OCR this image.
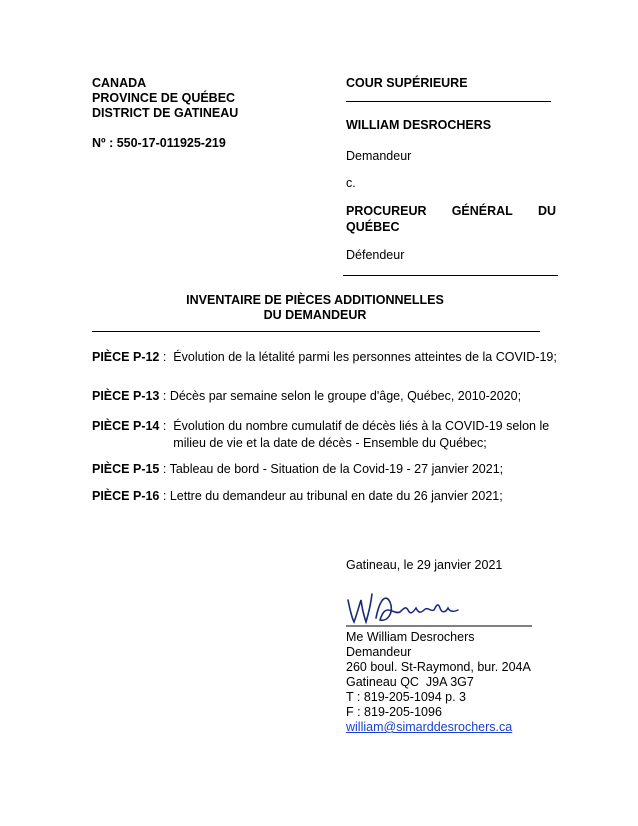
CANADA
PROVINCE DE QUÉBEC
DISTRICT DE GATINEAU
Nº : 550-17-011925-219
COUR SUPÉRIEURE
WILLIAM DESROCHERS
Demandeur
c.
PROCUREUR GÉNÉRAL DU
QUÉBEC
Défendeur
INVENTAIRE DE PIÈCES ADDITIONNELLES
DU DEMANDEUR
PIÈCE P-12 : Évolution de la létalité parmi les personnes atteintes de la COVID-19;
PIÈCE P-13 : Décès par semaine selon le groupe d'âge, Québec, 2010-2020;
PIÈCE P-14 : Évolution du nombre cumulatif de décès liés à la COVID-19 selon le milieu de vie et la date de décès - Ensemble du Québec;
PIÈCE P-15 : Tableau de bord - Situation de la Covid-19 - 27 janvier 2021;
PIÈCE P-16 : Lettre du demandeur au tribunal en date du 26 janvier 2021;
Gatineau, le 29 janvier 2021
Me William Desrochers
Demandeur
260 boul. St-Raymond, bur. 204A
Gatineau QC  J9A 3G7
T : 819-205-1094 p. 3
F : 819-205-1096
william@simarddesrochers.ca
